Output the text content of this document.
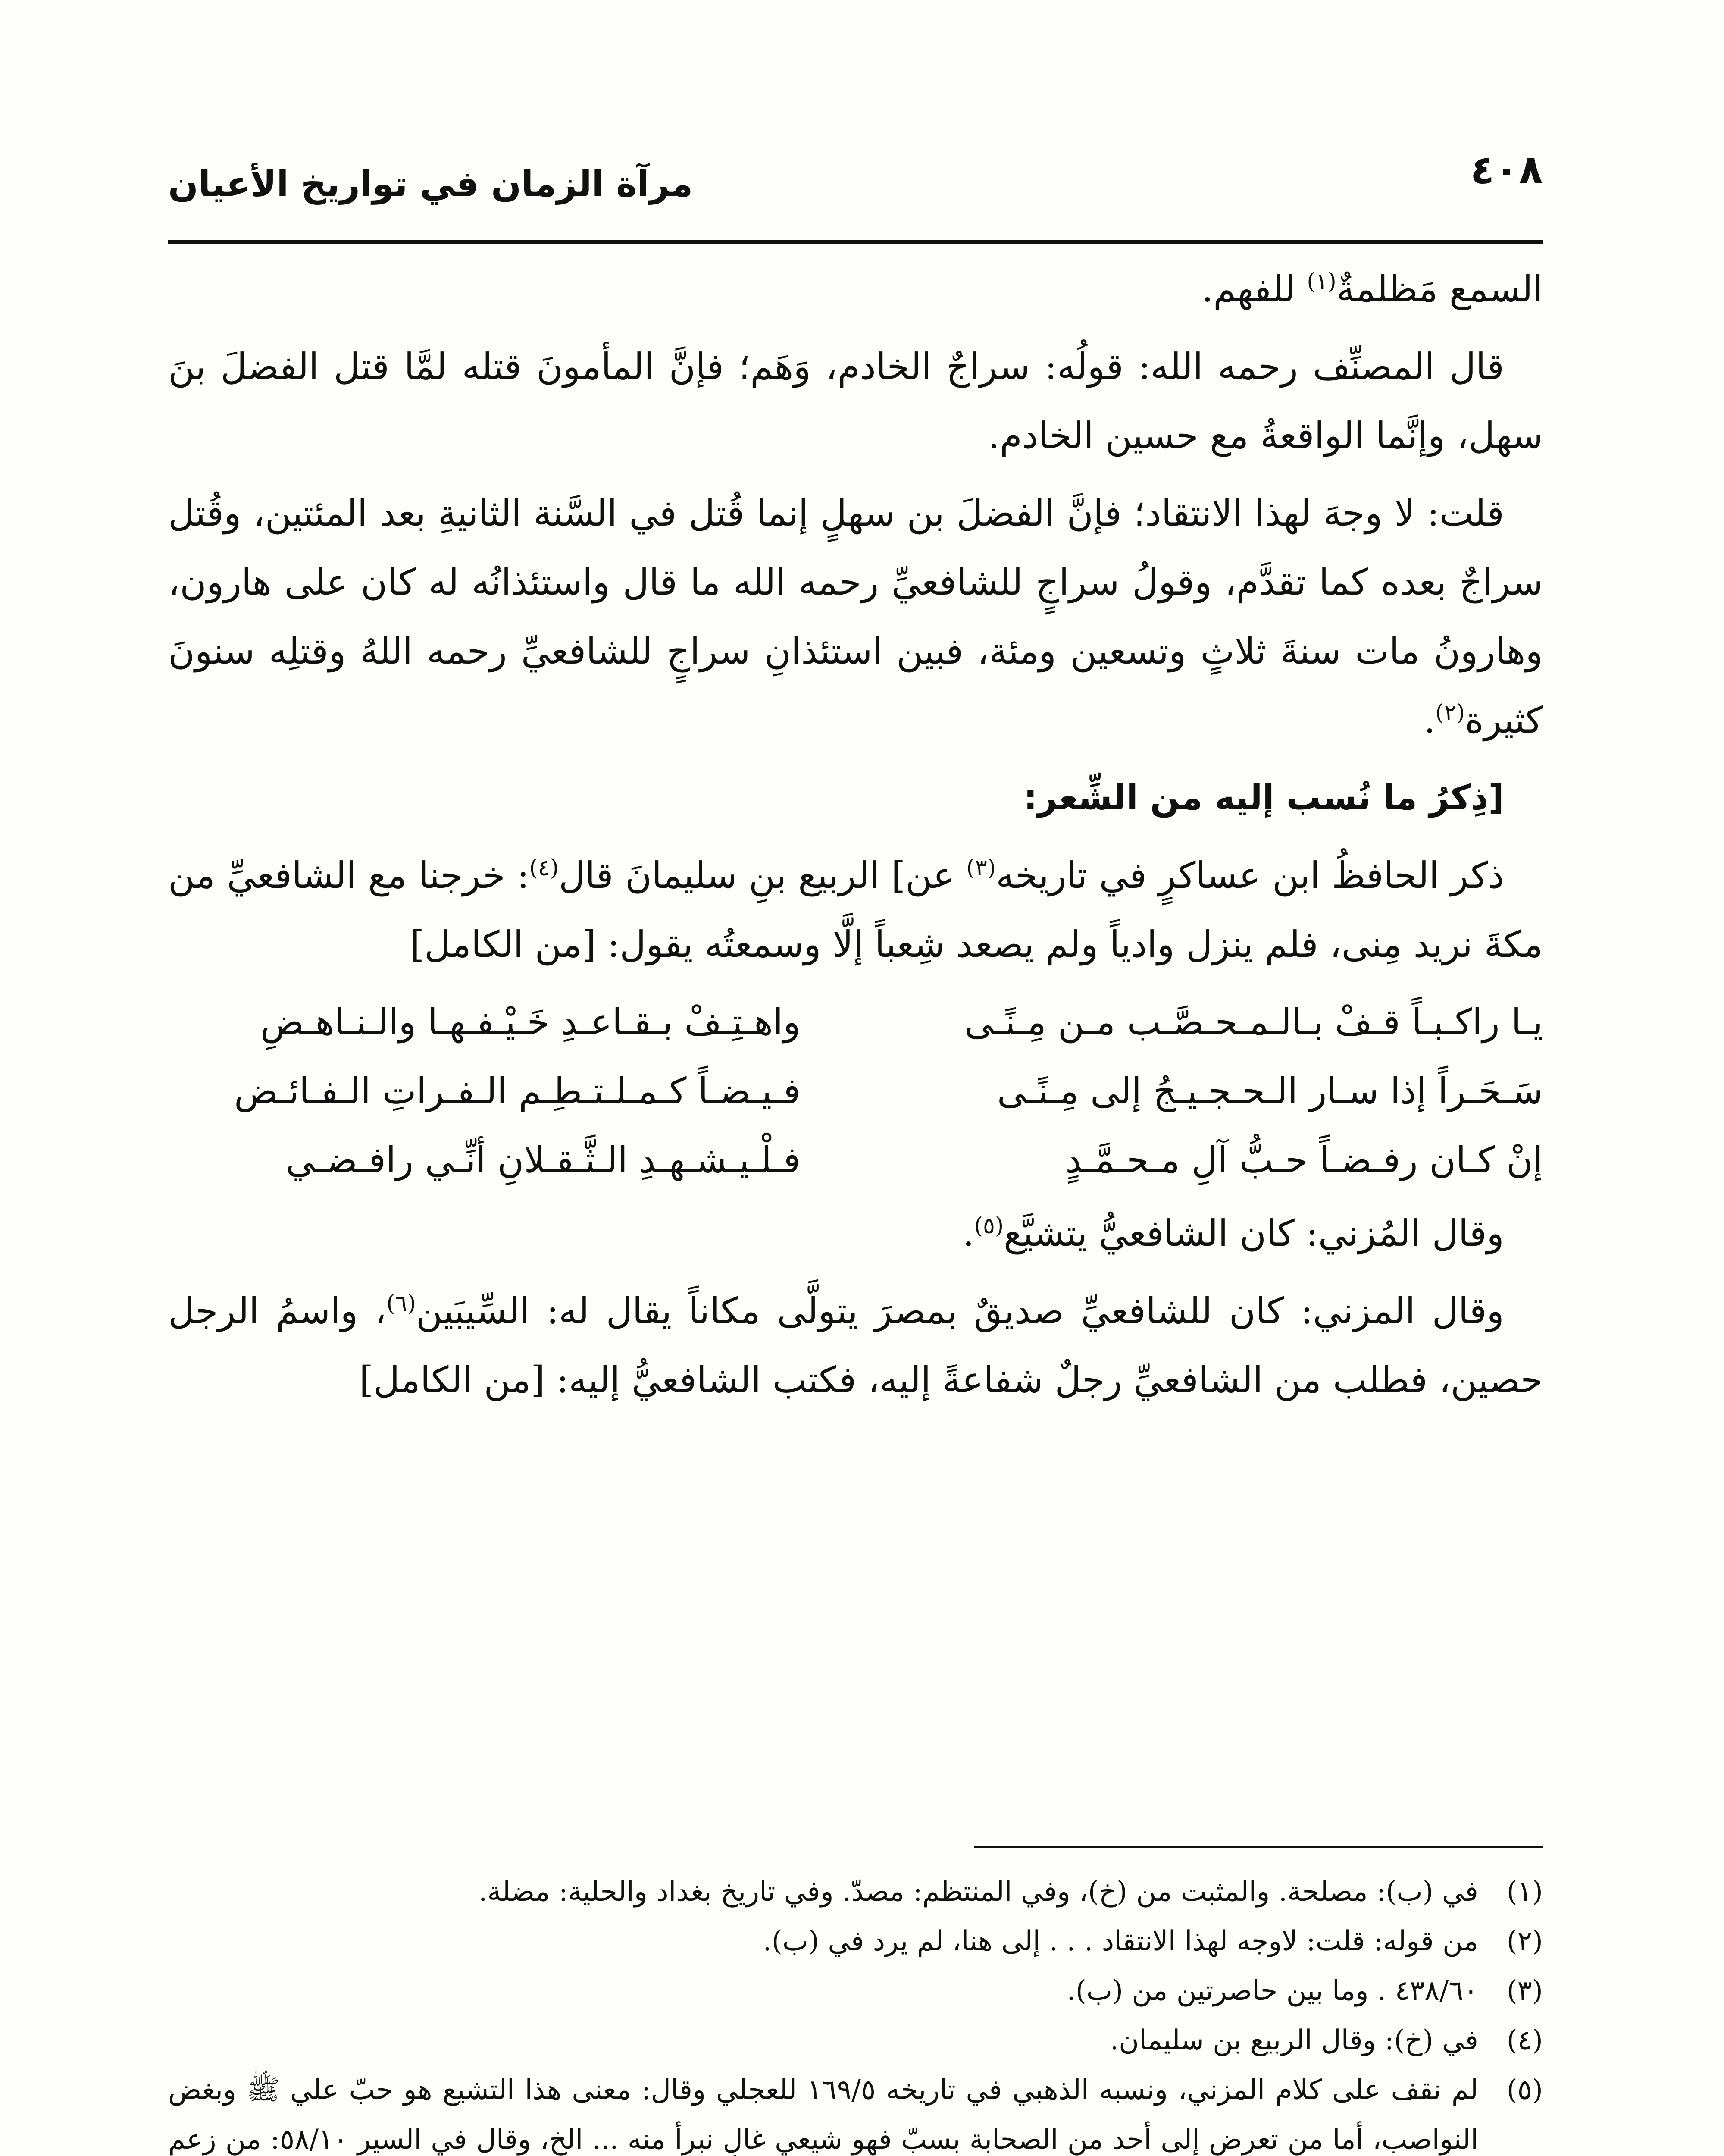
٤٠٨
مرآة الزمان في تواريخ الأعيان

السمع مَظلمةٌ$^{(١)}$ للفهم.

قال المصنِّف رحمه الله: قولُه: سراجٌ الخادم، وَهَم؛ فإنَّ المأمونَ قتله لمَّا قتل الفضلَ بنَ سهل، وإنَّما الواقعةُ مع حسين الخادم.

قلت: لا وجهَ لهذا الانتقاد؛ فإنَّ الفضلَ بن سهلٍ إنما قُتل في السَّنة الثانيةِ بعد المئتين، وقُتل سراجٌ بعده كما تقدَّم، وقولُ سراجٍ للشافعيِّ رحمه الله ما قال واستئذانُه له كان على هارون، وهارونُ مات سنةَ ثلاثٍ وتسعين ومئة، فبين استئذانِ سراجٍ للشافعيِّ رحمه اللهُ وقتلِه سنونَ كثيرة$^{(٢)}$.

[ذِكرُ ما نُسب إليه من الشِّعر:

ذكر الحافظُ ابن عساكرٍ في تاريخه$^{(٣)}$ عن] الربيع بنِ سليمانَ قال$^{(٤)}$: خرجنا مع الشافعيِّ من مكةَ نريد مِنى، فلم ينزل وادياً ولم يصعد شِعباً إلَّا وسمعتُه يقول: [من الكامل]

يـا راكـبـاً قـفْ بـالـمـحـصَّـب مـن مِـنًـى
واهـتِـفْ بـقـاعـدِ خَـيْـفـهـا والـنـاهـضِ
سَـحَـراً إذا سـار الـحـجـيـجُ إلى مِـنًـى
فـيـضـاً كـمـلـتـطِـم الـفـراتِ الـفـائـض
إنْ كـان رفـضـاً حـبُّ آلِ مـحـمَّـدٍ
فـلْـيـشـهـدِ الـثَّـقـلانِ أنِّـي رافـضـي

وقال المُزني: كان الشافعيُّ يتشيَّع$^{(٥)}$.

وقال المزني: كان للشافعيِّ صديقٌ بمصرَ يتولَّى مكاناً يقال له: السِّيبَين$^{(٦)}$، واسمُ الرجل حصين، فطلب من الشافعيِّ رجلٌ شفاعةً إليه، فكتب الشافعيُّ إليه: [من الكامل]

(١)
في (ب): مصلحة. والمثبت من (خ)، وفي المنتظم: مصدّ. وفي تاريخ بغداد والحلية: مضلة.
(٢)
من قوله: قلت: لاوجه لهذا الانتقاد . . . إلى هنا، لم يرد في (ب).
(٣)
٤٣٨/٦٠ . وما بين حاصرتين من (ب).
(٤)
في (خ): وقال الربيع بن سليمان.
(٥)
لم نقف على كلام المزني، ونسبه الذهبي في تاريخه ١٦٩/٥ للعجلي وقال: معنى هذا التشيع هو حبّ علي ﷺ وبغض النواصب، أما من تعرض إلى أحد من الصحابة بسبّ فهو شيعي غالٍ نبرأ منه ... الخ، وقال في السير ٥٨/١٠: من زعم
